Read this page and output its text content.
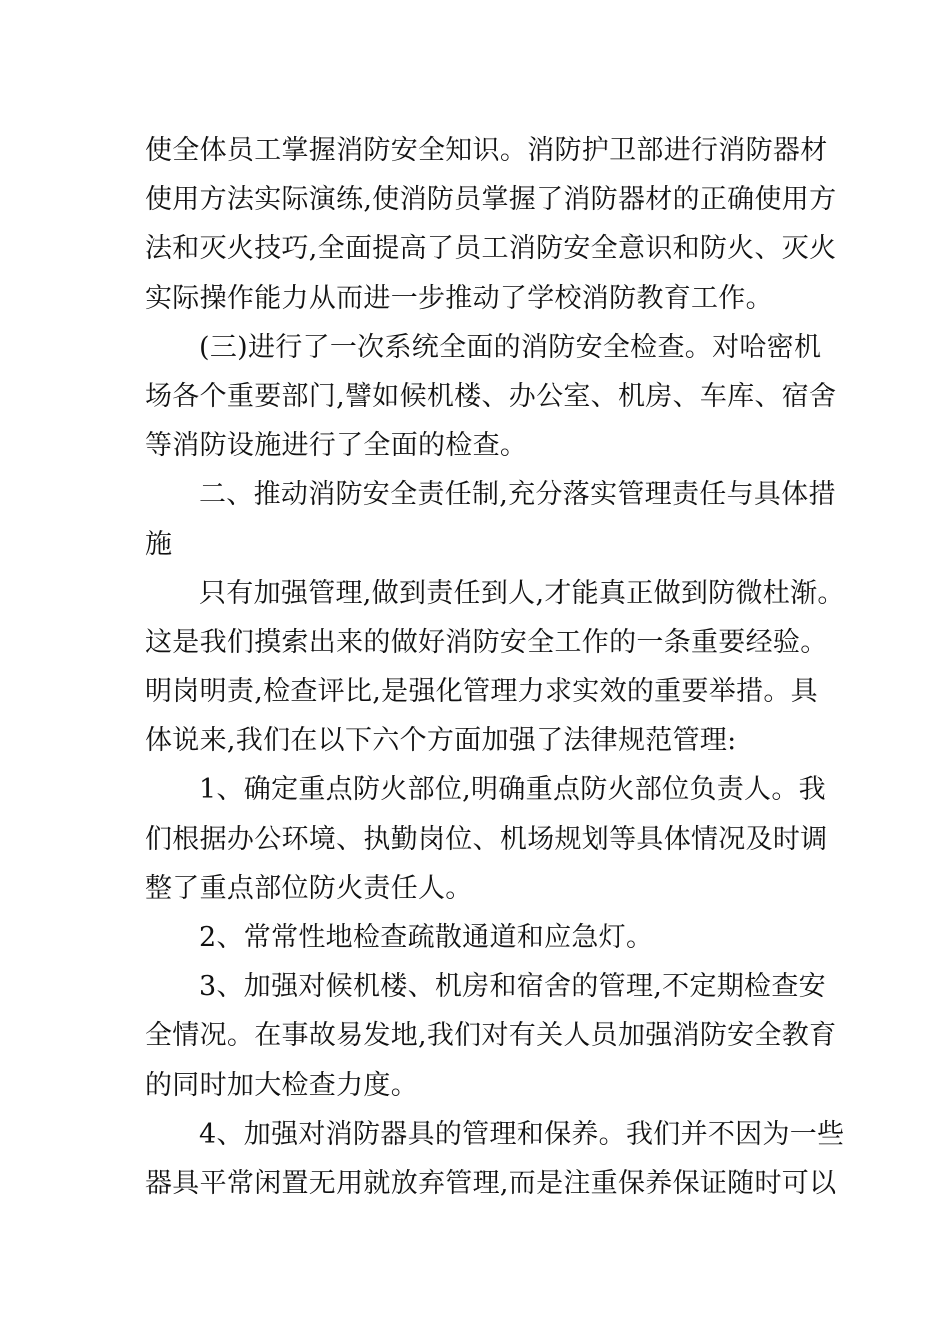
使全体员工掌握消防安全知识。消防护卫部进行消防器材
使用方法实际演练,使消防员掌握了消防器材的正确使用方
法和灭火技巧,全面提高了员工消防安全意识和防火、灭火
实际操作能力从而进一步推动了学校消防教育工作。
(三)进行了一次系统全面的消防安全检查。对哈密机
场各个重要部门,譬如候机楼、办公室、机房、车库、宿舍
等消防设施进行了全面的检查。
二、推动消防安全责任制,充分落实管理责任与具体措
施
只有加强管理,做到责任到人,才能真正做到防微杜渐。
这是我们摸索出来的做好消防安全工作的一条重要经验。
明岗明责,检查评比,是强化管理力求实效的重要举措。具
体说来,我们在以下六个方面加强了法律规范管理:
1、确定重点防火部位,明确重点防火部位负责人。我
们根据办公环境、执勤岗位、机场规划等具体情况及时调
整了重点部位防火责任人。
2、常常性地检查疏散通道和应急灯。
3、加强对候机楼、机房和宿舍的管理,不定期检查安
全情况。在事故易发地,我们对有关人员加强消防安全教育
的同时加大检查力度。
4、加强对消防器具的管理和保养。我们并不因为一些
器具平常闲置无用就放弃管理,而是注重保养保证随时可以
